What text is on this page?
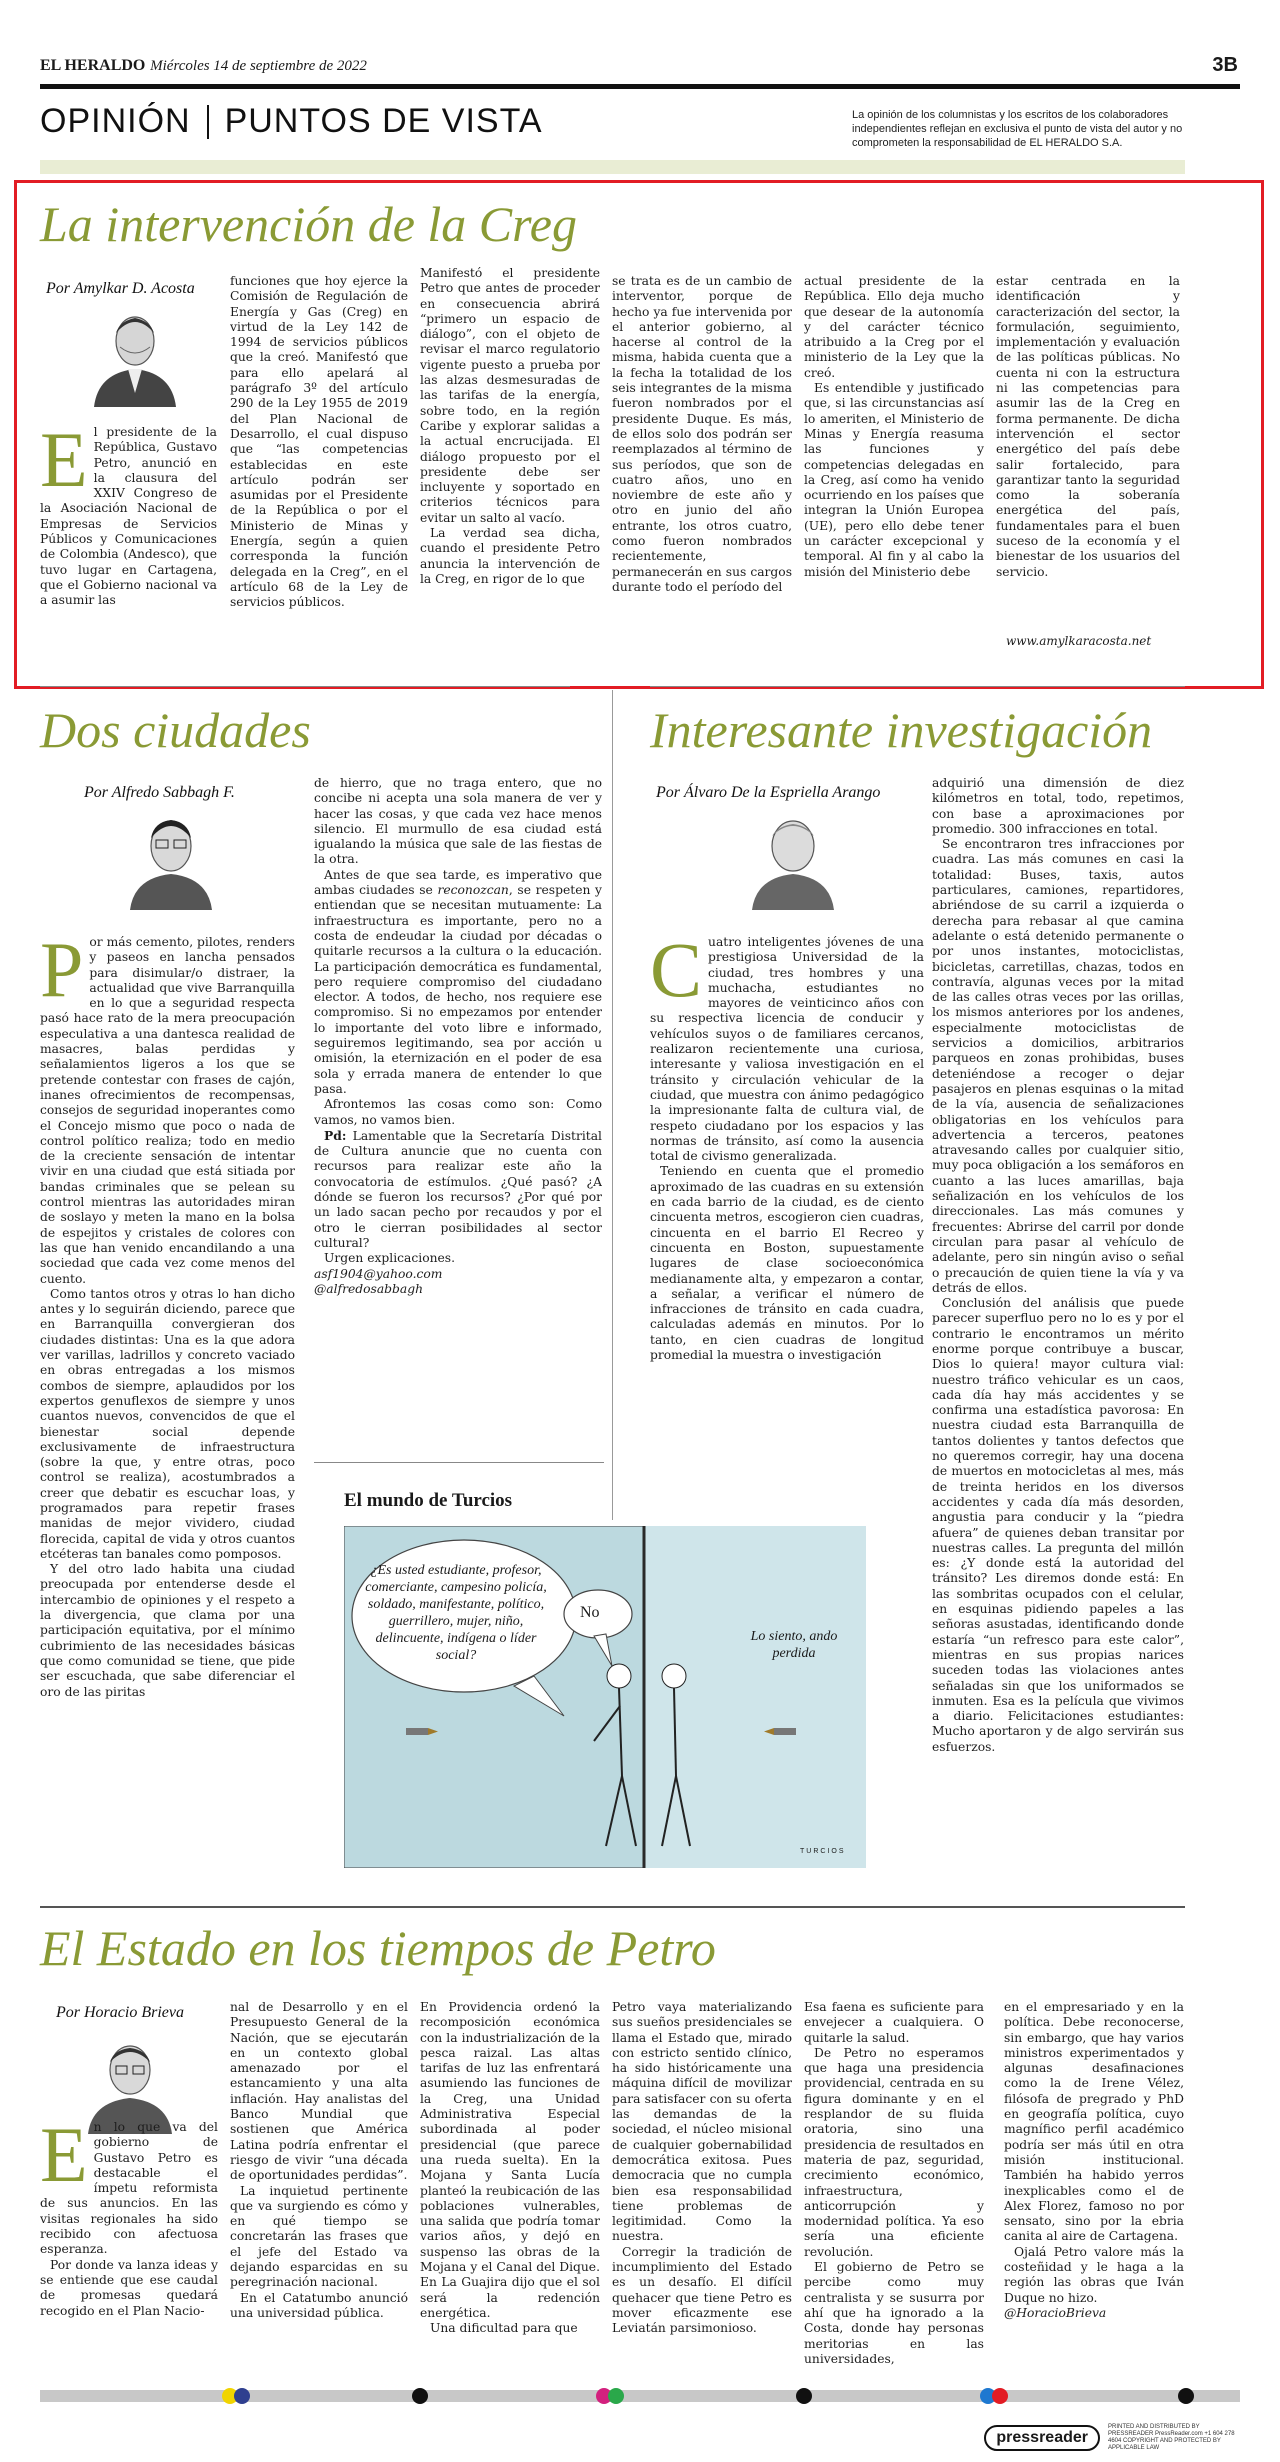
EL HERALDO Miércoles 14 de septiembre de 2022	3B
OPINIÓN PUNTOS DE VISTA	La opinión de los columnistas y los escritos de los colaboradores independientes reflejan en exclusiva el punto de vista del autor y no comprometen la responsabilidad de EL HERALDO S.A.
La intervención de la Creg
Por Amylkar D. Acosta
El presidente de la República, Gustavo Petro, anunció en la clausura del XXIV Congreso de la Asociación Nacional de Empresas de Servicios Públicos y Comunicaciones de Colombia (Andesco), que tuvo lugar en Cartagena, que el Gobierno nacional va a asumir las
funciones que hoy ejerce la Comisión de Regulación de Energía y Gas (Creg) en virtud de la Ley 142 de 1994 de servicios públicos que la creó. Manifestó que para ello apelará al parágrafo 3º del artículo 290 de la Ley 1955 de 2019 del Plan Nacional de Desarrollo, el cual dispuso que “las competencias establecidas en este artículo podrán ser asumidas por el Presidente de la República o por el Ministerio de Minas y Energía, según a quien corresponda la función delegada en la Creg”, en el artículo 68 de la Ley de servicios públicos.

Manifestó el presidente Petro que antes de proceder en consecuencia abrirá “primero un espacio de diálogo”, con el objeto de revisar el marco regulatorio vigente puesto a prueba por las alzas desmesuradas de las tarifas de la energía, sobre todo, en la región Caribe y explorar salidas a la actual encrucijada. El diálogo propuesto por el presidente debe ser incluyente y soportado en criterios técnicos para evitar un salto al vacío.

La verdad sea dicha, cuando el presidente Petro anuncia la intervención de la Creg, en rigor de lo que

se trata es de un cambio de interventor, porque de hecho ya fue intervenida por el anterior gobierno, al hacerse al control de la misma, habida cuenta que a la fecha la totalidad de los seis integrantes de la misma fueron nombrados por el presidente Duque. Es más, de ellos solo dos podrán ser reemplazados al término de sus períodos, que son de cuatro años, uno en noviembre de este año y otro en junio del año entrante, los otros cuatro, como fueron nombrados recientemente, permanecerán en sus cargos durante todo el período del

actual presidente de la República. Ello deja mucho que desear de la autonomía y del carácter técnico atribuido a la Creg por el ministerio de la Ley que la creó.

Es entendible y justificado que, si las circunstancias así lo ameriten, el Ministerio de Minas y Energía reasuma las funciones y competencias delegadas en la Creg, así como ha venido ocurriendo en los países que integran la Unión Europea (UE), pero ello debe tener un carácter excepcional y temporal. Al fin y al cabo la misión del Ministerio debe

estar centrada en la identificación y caracterización del sector, la formulación, seguimiento, implementación y evaluación de las políticas públicas. No cuenta ni con la estructura ni las competencias para asumir las de la Creg en forma permanente. De dicha intervención el sector energético del país debe salir fortalecido, para garantizar tanto la seguridad como la soberanía energética del país, fundamentales para el buen suceso de la economía y el bienestar de los usuarios del servicio.
www.amylkaracosta.net
Dos ciudades
Por Alfredo Sabbagh F.

Por más cemento, pilotes, renders y paseos en lancha pensados para disimular/o distraer, la actualidad que vive Barranquilla en lo que a seguridad respecta pasó hace rato de la mera preocupación especulativa a una dantesca realidad de masacres, balas perdidas y señalamientos ligeros a los que se pretende contestar con frases de cajón, inanes ofrecimientos de recompensas, consejos de seguridad inoperantes como el Concejo mismo que poco o nada de control político realiza; todo en medio de la creciente sensación de intentar vivir en una ciudad que está sitiada por bandas criminales que se pelean su control mientras las autoridades miran de soslayo y meten la mano en la bolsa de espejitos y cristales de colores con las que han venido encandilando a una sociedad que cada vez come menos del cuento.

Como tantos otros y otras lo han dicho antes y lo seguirán diciendo, parece que en Barranquilla convergieran dos ciudades distintas: Una es la que adora ver varillas, ladrillos y concreto vaciado en obras entregadas a los mismos combos de siempre, aplaudidos por los expertos genuflexos de siempre y unos cuantos nuevos, convencidos de que el bienestar social depende exclusivamente de infraestructura (sobre la que, y entre otras, poco control se realiza), acostumbrados a creer que debatir es escuchar loas, y programados para repetir frases manidas de mejor vividero, ciudad florecida, capital de vida y otros cuantos etcéteras tan banales como pomposos.

Y del otro lado habita una ciudad preocupada por entenderse desde el intercambio de opiniones y el respeto a la divergencia, que clama por una participación equitativa, por el mínimo cubrimiento de las necesidades básicas que como comunidad se tiene, que pide ser escuchada, que sabe diferenciar el oro de las piritas

de hierro, que no traga entero, que no concibe ni acepta una sola manera de ver y hacer las cosas, y que cada vez hace menos silencio. El murmullo de esa ciudad está igualando la música que sale de las fiestas de la otra.

Antes de que sea tarde, es imperativo que ambas ciudades se reconozcan, se respeten y entiendan que se necesitan mutuamente: La infraestructura es importante, pero no a costa de endeudar la ciudad por décadas o quitarle recursos a la cultura o la educación. La participación democrática es fundamental, pero requiere compromiso del ciudadano elector. A todos, de hecho, nos requiere ese compromiso. Si no empezamos por entender lo importante del voto libre e informado, seguiremos legitimando, sea por acción u omisión, la eternización en el poder de esa sola y errada manera de entender lo que pasa.

Afrontemos las cosas como son: Como vamos, no vamos bien.

Pd: Lamentable que la Secretaría Distrital de Cultura anuncie que no cuenta con recursos para realizar este año la convocatoria de estímulos. ¿Qué pasó? ¿A dónde se fueron los recursos? ¿Por qué por un lado sacan pecho por recaudos y por el otro le cierran posibilidades al sector cultural?

Urgen explicaciones.

asf1904@yahoo.com

@alfredosabbagh

El mundo de Turcios
¿Es usted estudiante, profesor, comerciante, campesino policía, soldado, manifestante, político, guerrillero, mujer, niño, delincuente, indígena o líder social?
No
Lo siento, ando perdida
TURCIOS
Interesante investigación
Por Álvaro De la Espriella Arango

Cuatro inteligentes jóvenes de una prestigiosa Universidad de la ciudad, tres hombres y una muchacha, estudiantes no mayores de veinticinco años con su respectiva licencia de conducir y vehículos suyos o de familiares cercanos, realizaron recientemente una curiosa, interesante y valiosa investigación en el tránsito y circulación vehicular de la ciudad, que muestra con ánimo pedagógico la impresionante falta de cultura vial, de respeto ciudadano por los espacios y las normas de tránsito, así como la ausencia total de civismo generalizada.

Teniendo en cuenta que el promedio aproximado de las cuadras en su extensión en cada barrio de la ciudad, es de ciento cincuenta metros, escogieron cien cuadras, cincuenta en el barrio El Recreo y cincuenta en Boston, supuestamente lugares de clase socioeconómica medianamente alta, y empezaron a contar, a señalar, a verificar el número de infracciones de tránsito en cada cuadra, calculadas además en minutos. Por lo tanto, en cien cuadras de longitud promedial la muestra o investigación

adquirió una dimensión de diez kilómetros en total, todo, repetimos, con base a aproximaciones por promedio. 300 infracciones en total.

Se encontraron tres infracciones por cuadra. Las más comunes en casi la totalidad: Buses, taxis, autos particulares, camiones, repartidores, abriéndose de su carril a izquierda o derecha para rebasar al que camina adelante o está detenido permanente o por unos instantes, motociclistas, bicicletas, carretillas, chazas, todos en contravía, algunas veces por la mitad de las calles otras veces por las orillas, los mismos anteriores por los andenes, especialmente motociclistas de servicios a domicilios, arbitrarios parqueos en zonas prohibidas, buses deteniéndose a recoger o dejar pasajeros en plenas esquinas o la mitad de la vía, ausencia de señalizaciones obligatorias en los vehículos para advertencia a terceros, peatones atravesando calles por cualquier sitio, muy poca obligación a los semáforos en cuanto a las luces amarillas, baja señalización en los vehículos de los direccionales. Las más comunes y frecuentes: Abrirse del carril por donde circulan para pasar al vehículo de adelante, pero sin ningún aviso o señal o precaución de quien tiene la vía y va detrás de ellos.

Conclusión del análisis que puede parecer superfluo pero no lo es y por el contrario le encontramos un mérito enorme porque contribuye a buscar, Dios lo quiera! mayor cultura vial: nuestro tráfico vehicular es un caos, cada día hay más accidentes y se confirma una estadística pavorosa: En nuestra ciudad esta Barranquilla de tantos dolientes y tantos defectos que no queremos corregir, hay una docena de muertos en motocicletas al mes, más de treinta heridos en los diversos accidentes y cada día más desorden, angustia para conducir y la “piedra afuera” de quienes deban transitar por nuestras calles. La pregunta del millón es: ¿Y donde está la autoridad del tránsito? Les diremos donde está: En las sombritas ocupados con el celular, en esquinas pidiendo papeles a las señoras asustadas, identificando donde estaría “un refresco para este calor”, mientras en sus propias narices suceden todas las violaciones antes señaladas sin que los uniformados se inmuten. Esa es la película que vivimos a diario. Felicitaciones estudiantes: Mucho aportaron y de algo servirán sus esfuerzos.

El Estado en los tiempos de Petro
Por Horacio Brieva

En lo que va del gobierno de Gustavo Petro es destacable el ímpetu reformista de sus anuncios. En las visitas regionales ha sido recibido con afectuosa esperanza.

Por donde va lanza ideas y se entiende que ese caudal de promesas quedará recogido en el Plan Nacio-

nal de Desarrollo y en el Presupuesto General de la Nación, que se ejecutarán en un contexto global amenazado por el estancamiento y una alta inflación. Hay analistas del Banco Mundial que sostienen que América Latina podría enfrentar el riesgo de vivir “una década de oportunidades perdidas”.

La inquietud pertinente que va surgiendo es cómo y en qué tiempo se concretarán las frases que el jefe del Estado va dejando esparcidas en su peregrinación nacional.

En el Catatumbo anunció una universidad pública.

En Providencia ordenó la recomposición económica con la industrialización de la pesca raizal. Las altas tarifas de luz las enfrentará asumiendo las funciones de la Creg, una Unidad Administrativa Especial subordinada al poder presidencial (que parece una rueda suelta). En la Mojana y Santa Lucía planteó la reubicación de las poblaciones vulnerables, una salida que podría tomar varios años, y dejó en suspenso las obras de la Mojana y el Canal del Dique. En La Guajira dijo que el sol será la redención energética.

Una dificultad para que

Petro vaya materializando sus sueños presidenciales se llama el Estado que, mirado con estricto sentido clínico, ha sido históricamente una máquina difícil de movilizar para satisfacer con su oferta las demandas de la sociedad, el núcleo misional de cualquier gobernabilidad democrática exitosa. Pues democracia que no cumpla bien esa responsabilidad tiene problemas de legitimidad. Como la nuestra.

Corregir la tradición de incumplimiento del Estado es un desafío. El difícil quehacer que tiene Petro es mover eficazmente ese Leviatán parsimonioso.

Esa faena es suficiente para envejecer a cualquiera. O quitarle la salud.

De Petro no esperamos que haga una presidencia providencial, centrada en su figura dominante y en el resplandor de su fluida oratoria, sino una presidencia de resultados en materia de paz, seguridad, crecimiento económico, infraestructura, anticorrupción y modernidad política. Ya eso sería una eficiente revolución.

El gobierno de Petro se percibe como muy centralista y se susurra por ahí que ha ignorado a la Costa, donde hay personas meritorias en las universidades,

en el empresariado y en la política. Debe reconocerse, sin embargo, que hay varios ministros experimentados y algunas desafinaciones como la de Irene Vélez, filósofa de pregrado y PhD en geografía política, cuyo magnífico perfil académico podría ser más útil en otra misión institucional. También ha habido yerros inexplicables como el de Alex Florez, famoso no por sensato, sino por la ebria canita al aire de Cartagena.

Ojalá Petro valore más la costeñidad y le haga a la región las obras que Iván Duque no hizo.

@HoracioBrieva

pressreader
PRINTED AND DISTRIBUTED BY PRESSREADER PressReader.com +1 604 278 4604 COPYRIGHT AND PROTECTED BY APPLICABLE LAW
